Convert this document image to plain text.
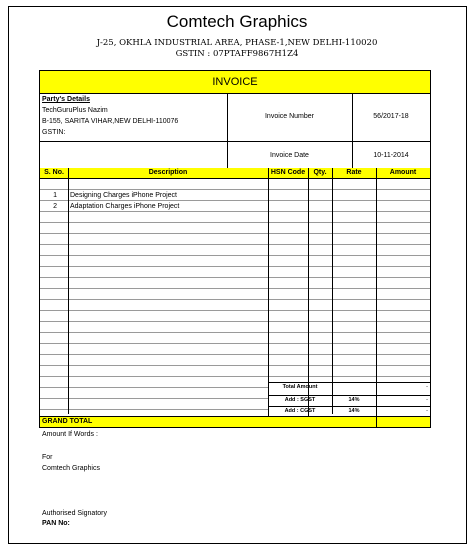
Comtech Graphics
J-25, OKHLA INDUSTRIAL AREA, PHASE-1,NEW DELHI-110020
GSTIN : 07PTAFF9867H1Z4
INVOICE
Party's Details
TechGuruPlus Nazim
B-155, SARITA VIHAR,NEW DELHI-110076
GSTIN:
Invoice Number	56/2017-18
Invoice Date	10-11-2014
S. No.	Description	HSN Code	Qty.	Rate	Amount
1 Designing Charges iPhone Project
2 Adaptation Charges iPhone Project
Total Amount	-
Add : SGST	14%	-
Add : CGST	14%	-
GRAND TOTAL
Amount If Words :
For
Comtech Graphics
Authorised Signatory
PAN No:
